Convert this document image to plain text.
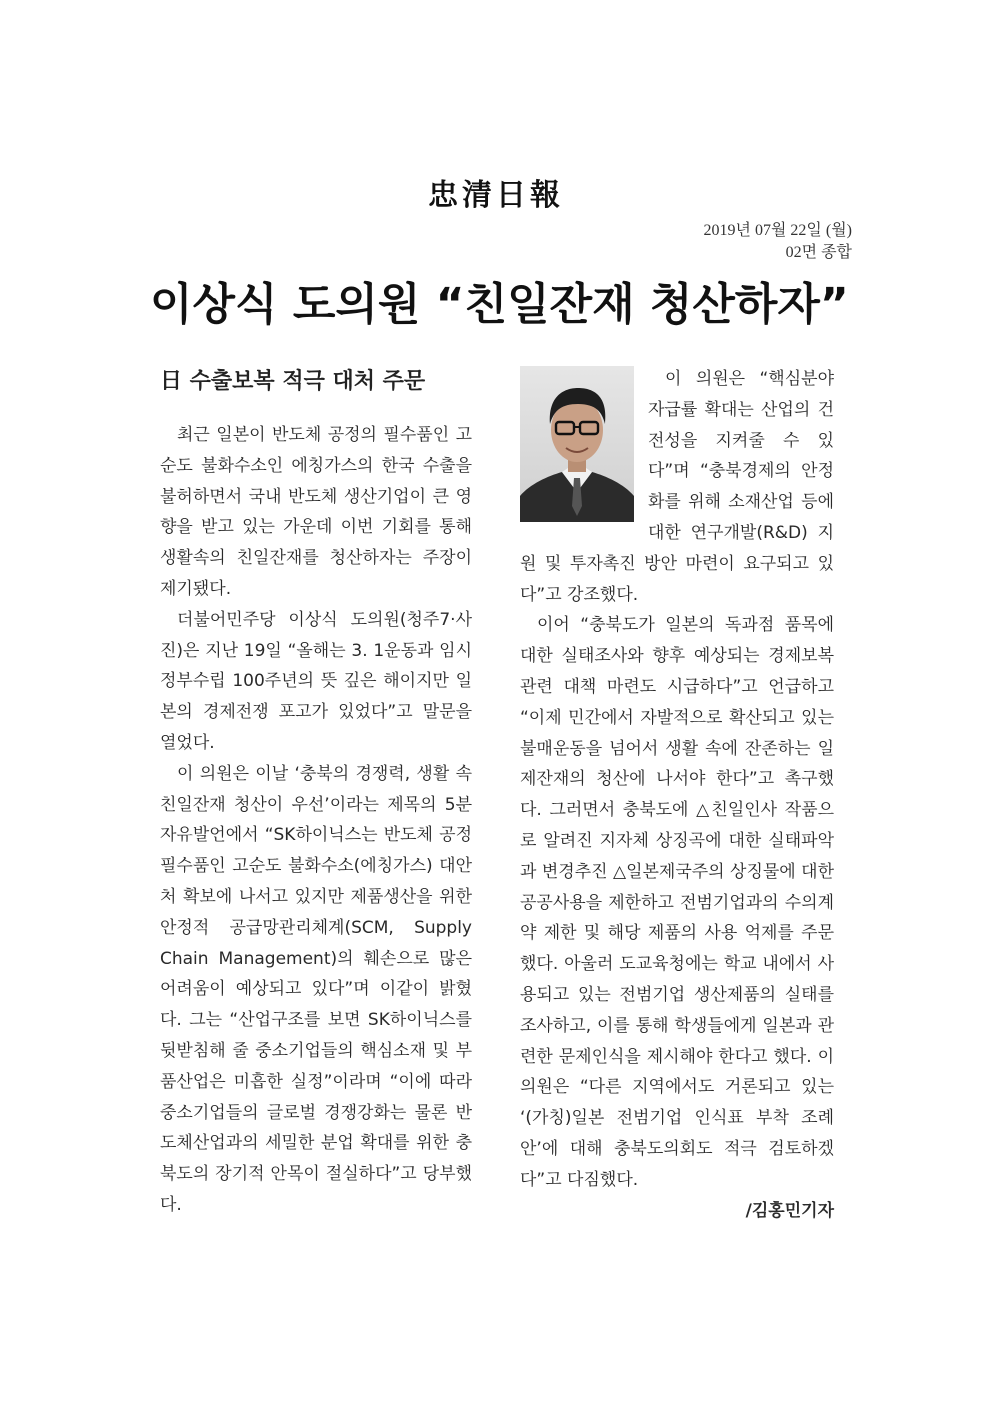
忠清日報
2019년 07월 22일 (월)
02면 종합
이상식 도의원 “친일잔재 청산하자”
日 수출보복 적극 대처 주문

최근 일본이 반도체 공정의 필수품인 고순도 불화수소인 에칭가스의 한국 수출을 불허하면서 국내 반도체 생산기업이 큰 영향을 받고 있는 가운데 이번 기회를 통해 생활속의 친일잔재를 청산하자는 주장이 제기됐다.

더불어민주당 이상식 도의원(청주7·사진)은 지난 19일 “올해는 3. 1운동과 임시정부수립 100주년의 뜻 깊은 해이지만 일본의 경제전쟁 포고가 있었다”고 말문을 열었다.

이 의원은 이날 ‘충북의 경쟁력, 생활 속 친일잔재 청산이 우선’이라는 제목의 5분 자유발언에서 “SK하이닉스는 반도체 공정 필수품인 고순도 불화수소(에칭가스) 대안처 확보에 나서고 있지만 제품생산을 위한 안정적 공급망관리체계(SCM, Supply Chain Management)의 훼손으로 많은 어려움이 예상되고 있다”며 이같이 밝혔다. 그는 “산업구조를 보면 SK하이닉스를 뒷받침해 줄 중소기업들의 핵심소재 및 부품산업은 미흡한 실정”이라며 “이에 따라 중소기업들의 글로벌 경쟁강화는 물론 반도체산업과의 세밀한 분업 확대를 위한 충북도의 장기적 안목이 절실하다”고 당부했다.

이 의원은 “핵심분야 자급률 확대는 산업의 건전성을 지켜줄 수 있다”며 “충북경제의 안정화를 위해 소재산업 등에 대한 연구개발(R&D) 지원 및 투자촉진 방안 마련이 요구되고 있다”고 강조했다.

이어 “충북도가 일본의 독과점 품목에 대한 실태조사와 향후 예상되는 경제보복 관련 대책 마련도 시급하다”고 언급하고 “이제 민간에서 자발적으로 확산되고 있는 불매운동을 넘어서 생활 속에 잔존하는 일제잔재의 청산에 나서야 한다”고 촉구했다. 그러면서 충북도에 △친일인사 작품으로 알려진 지자체 상징곡에 대한 실태파악과 변경추진 △일본제국주의 상징물에 대한 공공사용을 제한하고 전범기업과의 수의계약 제한 및 해당 제품의 사용 억제를 주문했다. 아울러 도교육청에는 학교 내에서 사용되고 있는 전범기업 생산제품의 실태를 조사하고, 이를 통해 학생들에게 일본과 관련한 문제인식을 제시해야 한다고 했다. 이 의원은 “다른 지역에서도 거론되고 있는 ‘(가칭)일본 전범기업 인식표 부착 조례안’에 대해 충북도의회도 적극 검토하겠다”고 다짐했다.

/김홍민기자
